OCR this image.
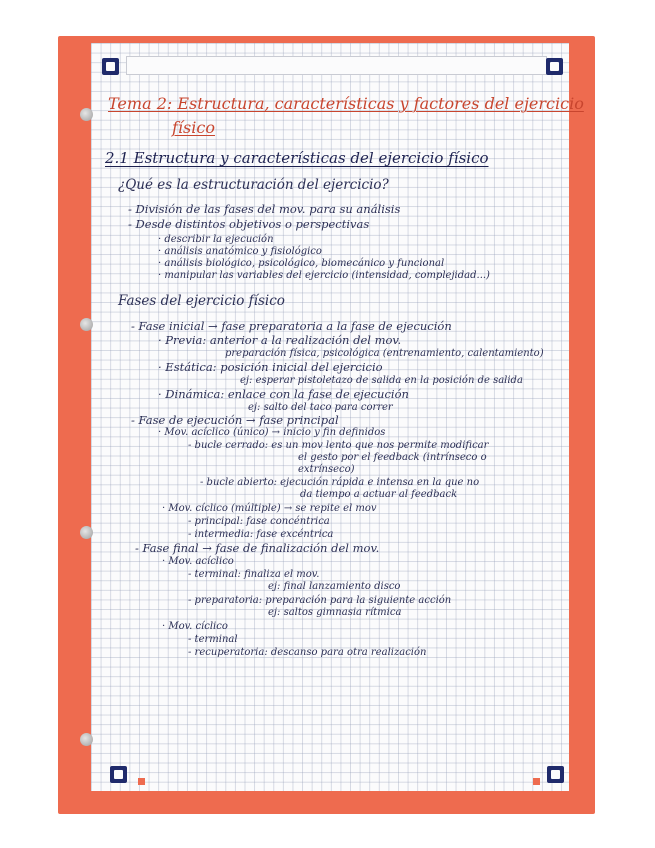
Tema 2: Estructura, características y factores del ejercicio
físico
2.1 Estructura y características del ejercicio físico
¿Qué es la estructuración del ejercicio?
- División de las fases del mov. para su análisis
- Desde distintos objetivos o perspectivas
· describir la ejecución
· análisis anatómico y fisiológico
· análisis biológico, psicológico, biomecánico y funcional
· manipular las variables del ejercicio (intensidad, complejidad...)
Fases del ejercicio físico
- Fase inicial → fase preparatoria a la fase de ejecución
· Previa: anterior a la realización del mov.
preparación física, psicológica (entrenamiento, calentamiento)
· Estática: posición inicial del ejercicio
ej: esperar pistoletazo de salida en la posición de salida
· Dinámica: enlace con la fase de ejecución
ej: salto del taco para correr
- Fase de ejecución → fase principal
· Mov. acíclico (único) → inicio y fin definidos
- bucle cerrado: es un mov lento que nos permite modificar
el gesto por el feedback (intrínseco o
extrínseco)
- bucle abierto: ejecución rápida e intensa en la que no
da tiempo a actuar al feedback
· Mov. cíclico (múltiple) → se repite el mov
- principal: fase concéntrica
- intermedia: fase excéntrica
- Fase final → fase de finalización del mov.
· Mov. acíclico
- terminal: finaliza el mov.
ej: final lanzamiento disco
- preparatoria: preparación para la siguiente acción
ej: saltos gimnasia rítmica
· Mov. cíclico
- terminal
- recuperatoria: descanso para otra realización
